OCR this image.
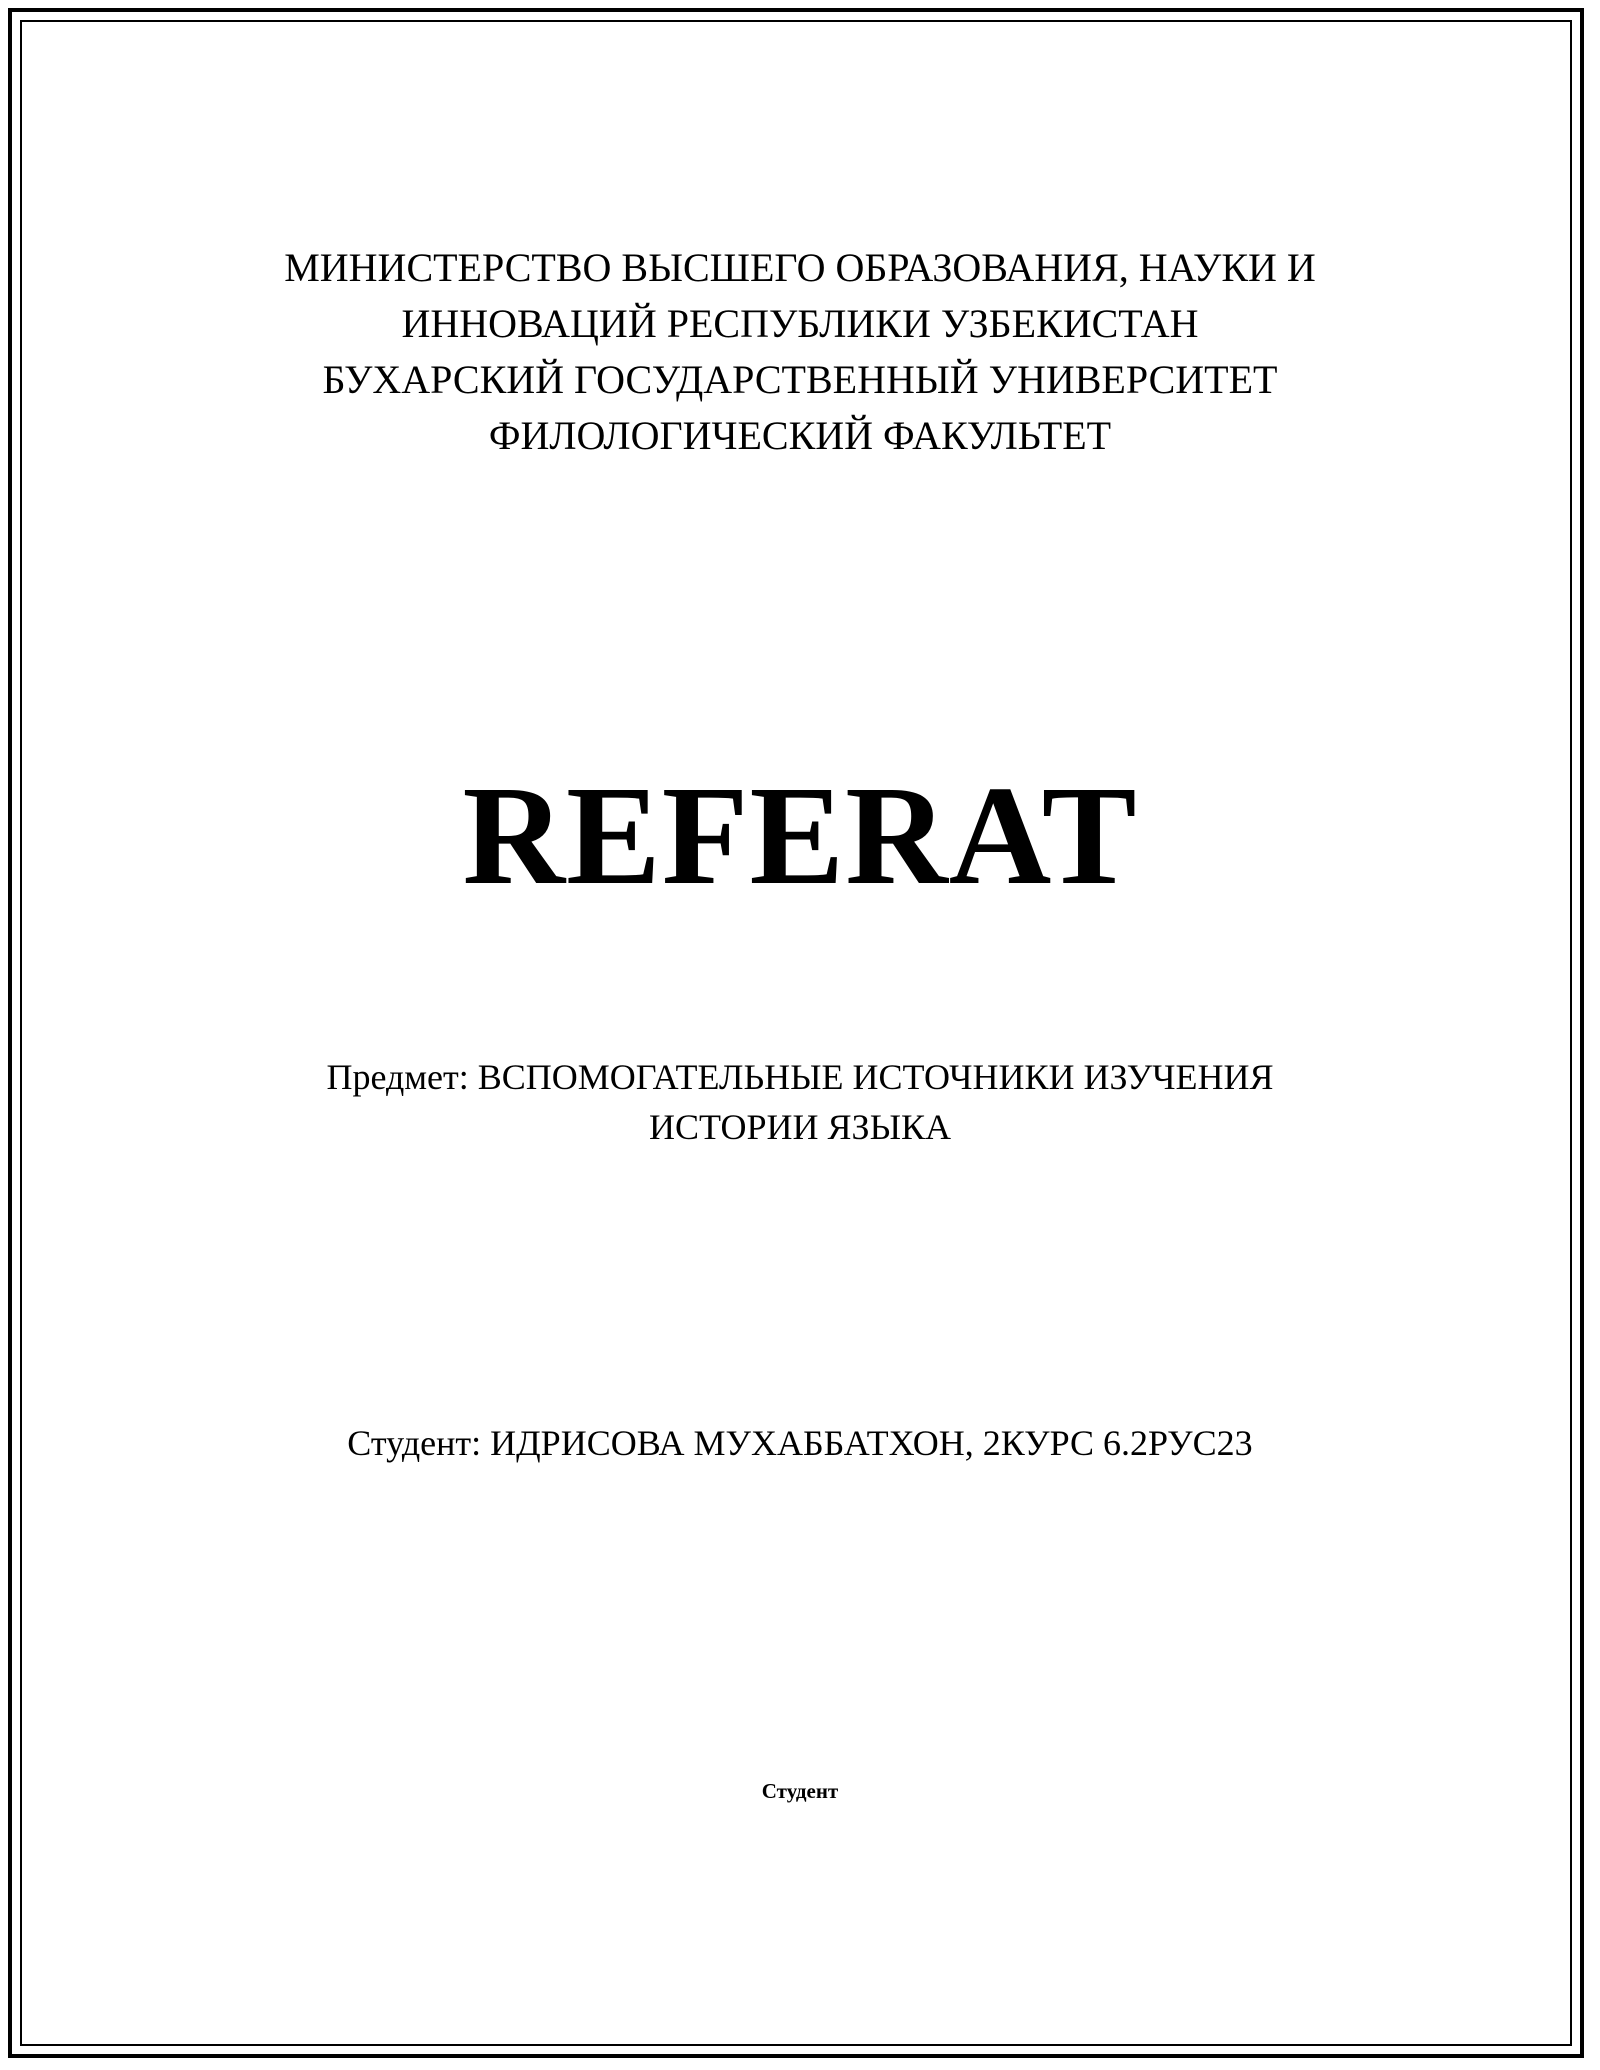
МИНИСТЕРСТВО ВЫСШЕГО ОБРАЗОВАНИЯ, НАУКИ И
ИННОВАЦИЙ РЕСПУБЛИКИ УЗБЕКИСТАН
БУХАРСКИЙ ГОСУДАРСТВЕННЫЙ УНИВЕРСИТЕТ
ФИЛОЛОГИЧЕСКИЙ ФАКУЛЬТЕТ
REFERAT
Предмет: ВСПОМОГАТЕЛЬНЫЕ ИСТОЧНИКИ ИЗУЧЕНИЯ
ИСТОРИИ ЯЗЫКА
Студент: ИДРИСОВА МУХАББАТХОН, 2КУРС 6.2РУС23
Студент
